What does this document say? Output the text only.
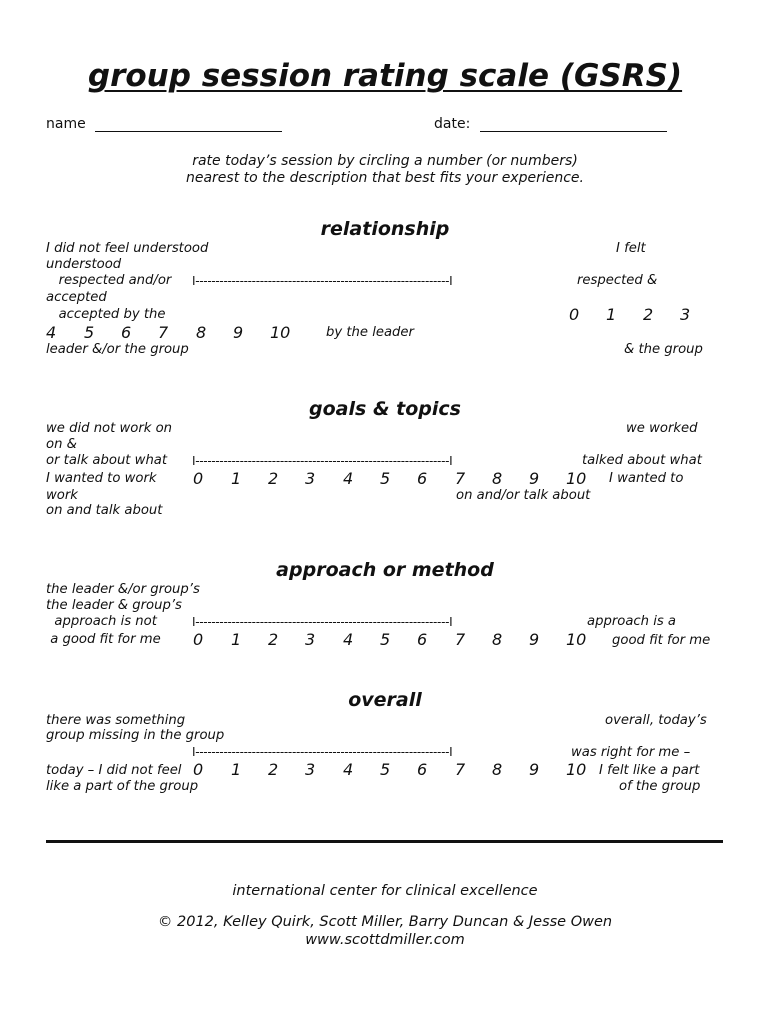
group session rating scale (GSRS)
name	date:
rate today’s session by circling a number (or numbers)
nearest to the description that best fits your experience.
relationship
I did not feel understood
understood
respected and/or
accepted
accepted by the
leader &/or the group
I felt
respected &
by the leader
& the group
I---------------------------------------------------------------I
0 1 2 3
4 5 6 7 8 9 10
goals & topics
we did not work on
on &
or talk about what
I wanted to work
work
on and talk about
we worked
talked about what
I wanted to
on and/or talk about
I---------------------------------------------------------------I
0 1 2 3 4 5 6 7 8 9 10
approach or method
the leader &/or group’s
the leader & group’s
approach is not
a good fit for me
approach is a
good fit for me
I---------------------------------------------------------------I
0 1 2 3 4 5 6 7 8 9 10
overall
there was something
group missing in the group
today – I did not feel
like a part of the group
overall, today’s
was right for me –
I felt like a part
of the group
I---------------------------------------------------------------I
0 1 2 3 4 5 6 7 8 9 10
international center for clinical excellence
© 2012, Kelley Quirk, Scott Miller, Barry Duncan & Jesse Owen
www.scottdmiller.com
